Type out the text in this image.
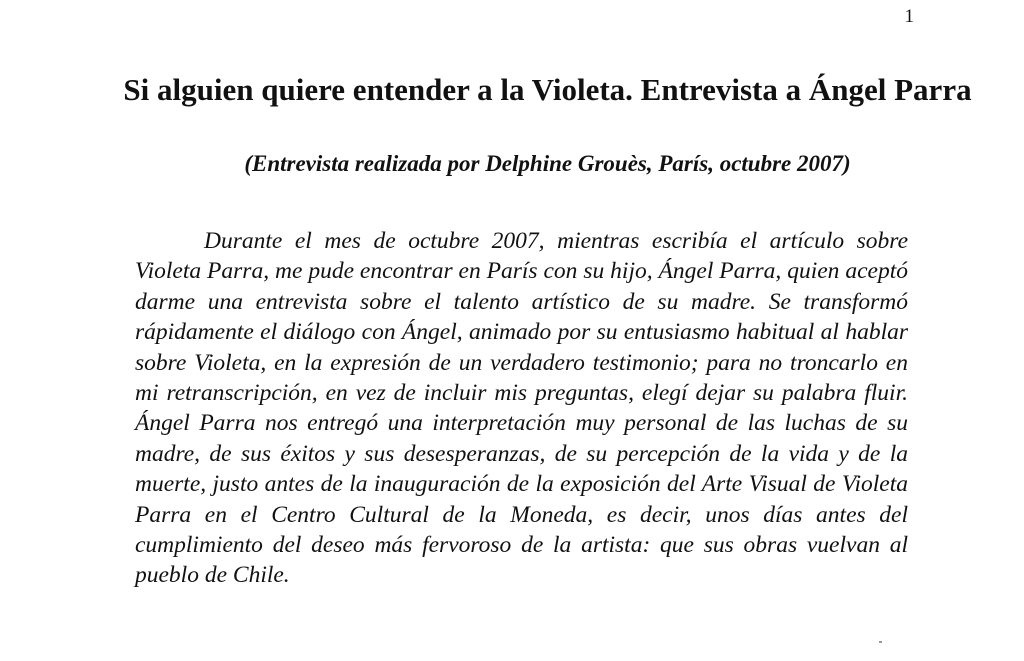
1
Si alguien quiere entender a la Violeta. Entrevista a Ángel Parra
(Entrevista realizada por Delphine Grouès, París, octubre 2007)

Durante el mes de octubre 2007, mientras escribía el artículo sobre Violeta Parra, me pude encontrar en París con su hijo, Ángel Parra, quien aceptó darme una entrevista sobre el talento artístico de su madre. Se transformó rápidamente el diálogo con Ángel, animado por su entusiasmo habitual al hablar sobre Violeta, en la expresión de un verdadero testimonio; para no troncarlo en mi retranscripción, en vez de incluir mis preguntas, elegí dejar su palabra fluir. Ángel Parra nos entregó una interpretación muy personal de las luchas de su madre, de sus éxitos y sus desesperanzas, de su percepción de la vida y de la muerte, justo antes de la inauguración de la exposición del Arte Visual de Violeta Parra en el Centro Cultural de la Moneda, es decir, unos días antes del cumplimiento del deseo más fervoroso de la artista: que sus obras vuelvan al pueblo de Chile.
